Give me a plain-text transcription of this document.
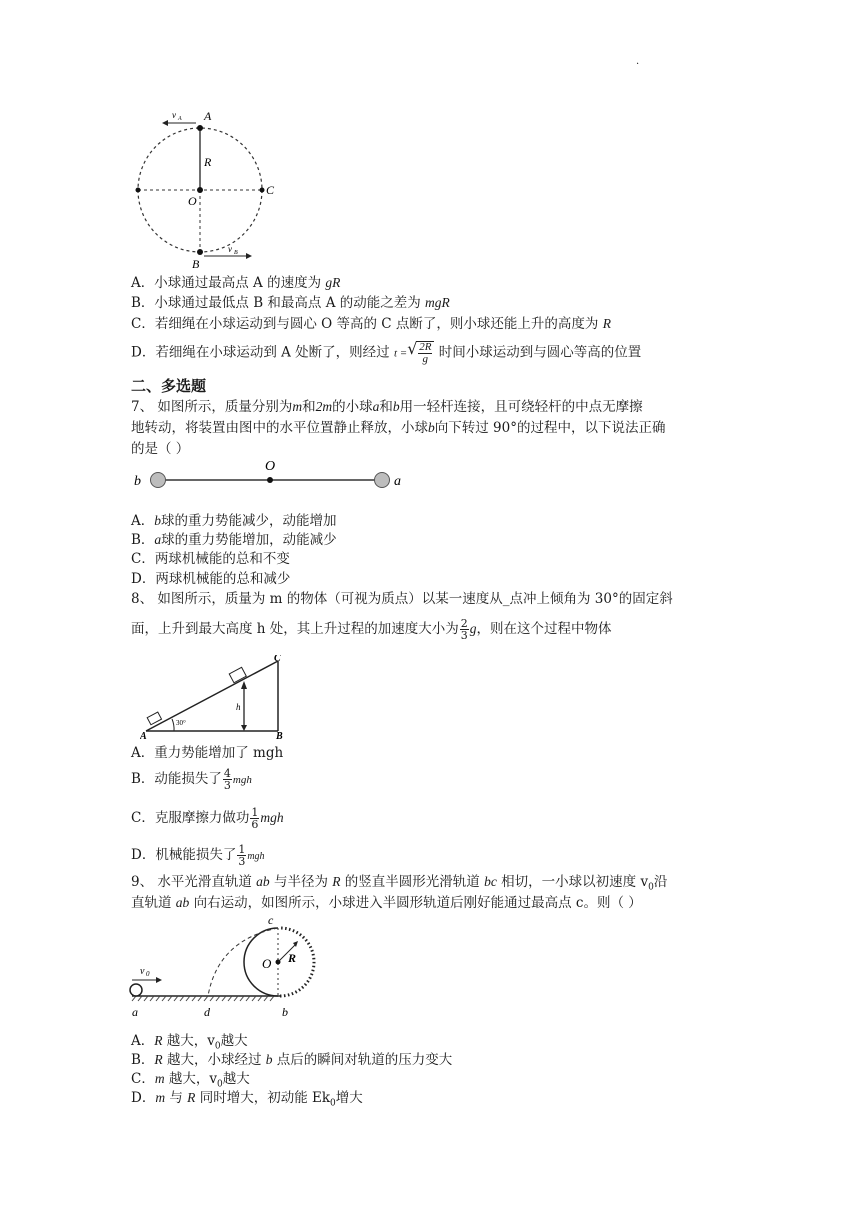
.
A
R
O
C
B
v A
v B
A．小球通过最高点 A 的速度为 gR
B．小球通过最低点 B 和最高点 A 的动能之差为 mgR
C．若细绳在小球运动到与圆心 O 等高的 C 点断了，则小球还能上升的高度为 R
D．若细绳在小球运动到 A 处断了，则经过 t =
√ $\frac{2R}{g}$ 时间小球运动到与圆心等高的位置
二、多选题
7、 如图所示，质量分别为m和2m的小球a和b用一轻杆连接，且可绕轻杆的中点无摩擦
地转动，将装置由图中的水平位置静止释放，小球b向下转过 90°的过程中，以下说法正确
的是（ ）
b
O
a
A．b球的重力势能减少，动能增加
B．a球的重力势能增加，动能减少
C．两球机械能的总和不变
D．两球机械能的总和减少
8、 如图所示，质量为 m 的物体（可视为质点）以某一速度从_点冲上倾角为 30°的固定斜
面，上升到最大高度 h 处，其上升过程的加速度大小为 $\frac{2}{3}$ g，则在这个过程中物体
30°
h
A	B
C
A．重力势能增加了 mgh
B．动能损失了 $\frac{4}{3}$ mgh
C．克服摩擦力做功 $\frac{1}{6}$ mgh
D．机械能损失了 $\frac{1}{3}$ mgh
9、 水平光滑直轨道 ab 与半径为 R 的竖直半圆形光滑轨道 bc 相切，一小球以初速度 $v_0$沿
直轨道 ab 向右运动，如图所示，小球进入半圆形轨道后刚好能通过最高点 c。则（ ）
v 0
a	d	b
c
O R
A．R 越大，$v_0$越大
B．R 越大，小球经过 b 点后的瞬间对轨道的压力变大
C．m 越大，$v_0$越大
D．m 与 R 同时增大，初动能 $Ek_0$增大
